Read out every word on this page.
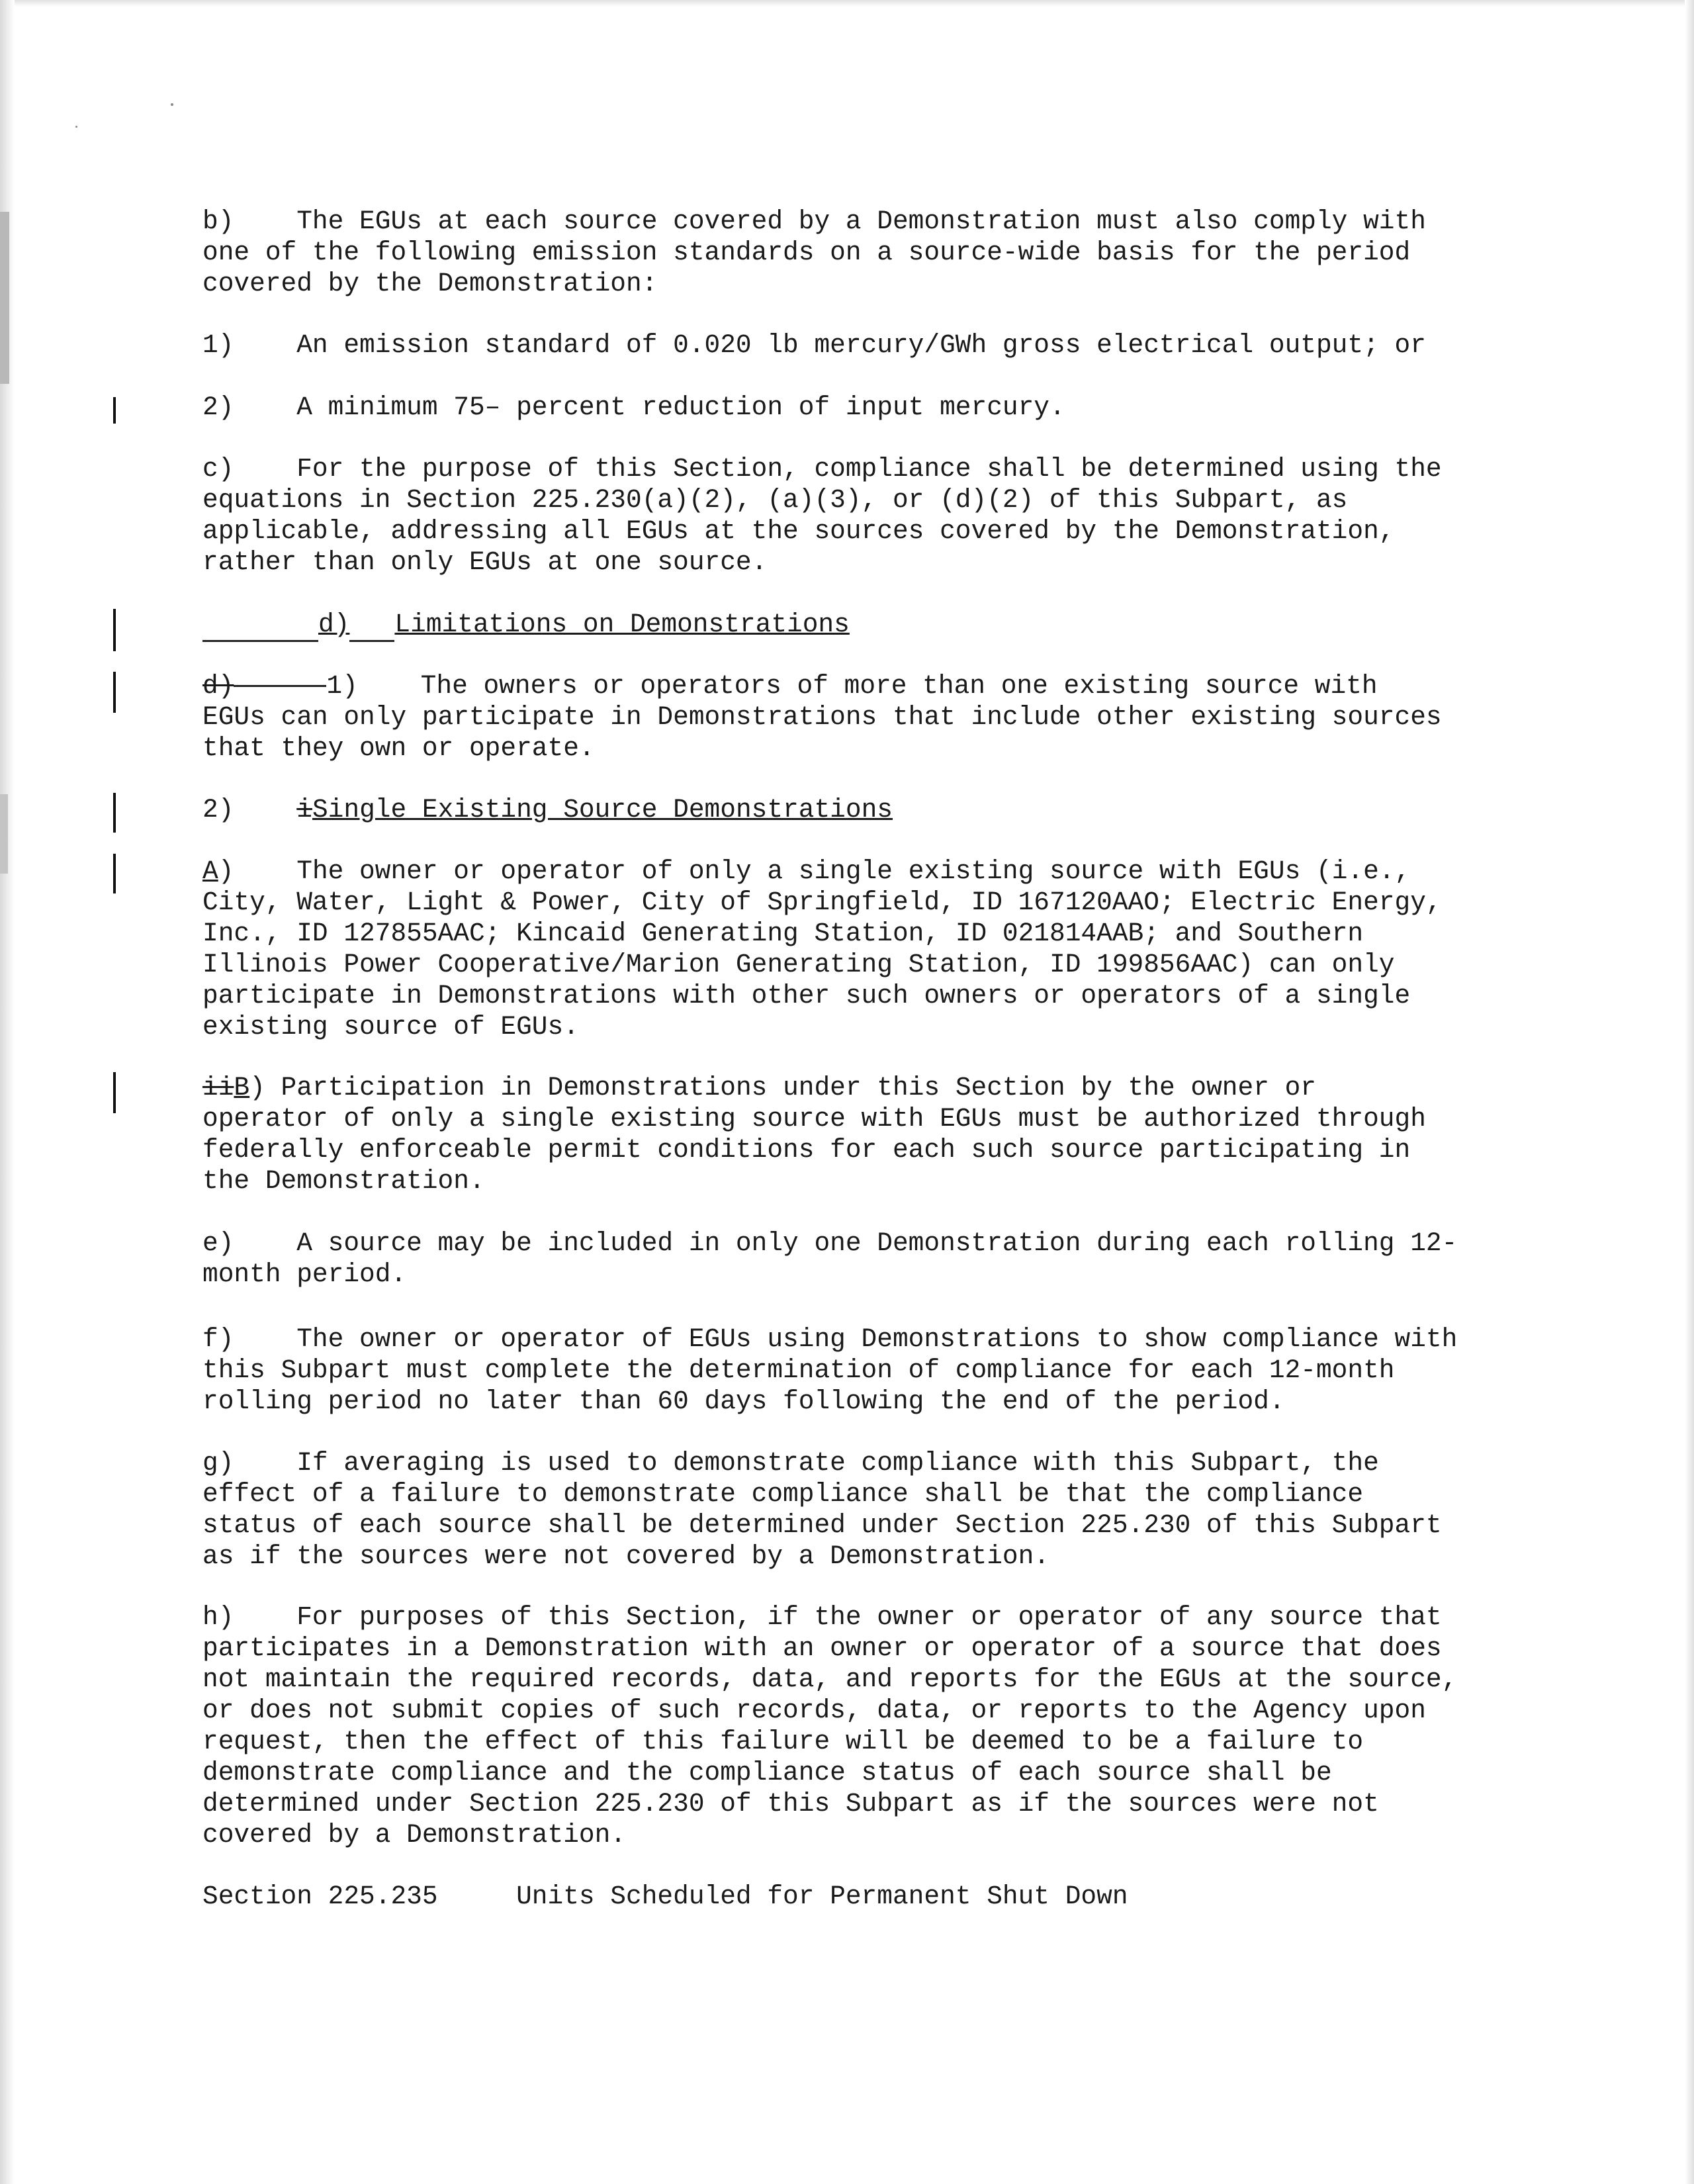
b)    The EGUs at each source covered by a Demonstration must also comply with
one of the following emission standards on a source-wide basis for the period
covered by the Demonstration:

1)    An emission standard of 0.020 lb mercury/GWh gross electrical output; or

2)    A minimum 75– percent reduction of input mercury.

c)    For the purpose of this Section, compliance shall be determined using the
equations in Section 225.230(a)(2), (a)(3), or (d)(2) of this Subpart, as
applicable, addressing all EGUs at the sources covered by the Demonstration,
rather than only EGUs at one source.

d) Limitations on Demonstrations

d)	1)    The owners or operators of more than one existing source with
EGUs can only participate in Demonstrations that include other existing sources
that they own or operate.

2)    iSingle Existing Source Demonstrations

A)    The owner or operator of only a single existing source with EGUs (i.e.,
City, Water, Light & Power, City of Springfield, ID 167120AAO; Electric Energy,
Inc., ID 127855AAC; Kincaid Generating Station, ID 021814AAB; and Southern
Illinois Power Cooperative/Marion Generating Station, ID 199856AAC) can only
participate in Demonstrations with other such owners or operators of a single
existing source of EGUs.

iiB) Participation in Demonstrations under this Section by the owner or
operator of only a single existing source with EGUs must be authorized through
federally enforceable permit conditions for each such source participating in
the Demonstration.

e)    A source may be included in only one Demonstration during each rolling 12-
month period.

f)    The owner or operator of EGUs using Demonstrations to show compliance with
this Subpart must complete the determination of compliance for each 12-month
rolling period no later than 60 days following the end of the period.

g)    If averaging is used to demonstrate compliance with this Subpart, the
effect of a failure to demonstrate compliance shall be that the compliance
status of each source shall be determined under Section 225.230 of this Subpart
as if the sources were not covered by a Demonstration.

h)    For purposes of this Section, if the owner or operator of any source that
participates in a Demonstration with an owner or operator of a source that does
not maintain the required records, data, and reports for the EGUs at the source,
or does not submit copies of such records, data, or reports to the Agency upon
request, then the effect of this failure will be deemed to be a failure to
demonstrate compliance and the compliance status of each source shall be
determined under Section 225.230 of this Subpart as if the sources were not
covered by a Demonstration.

Section 225.235     Units Scheduled for Permanent Shut Down
